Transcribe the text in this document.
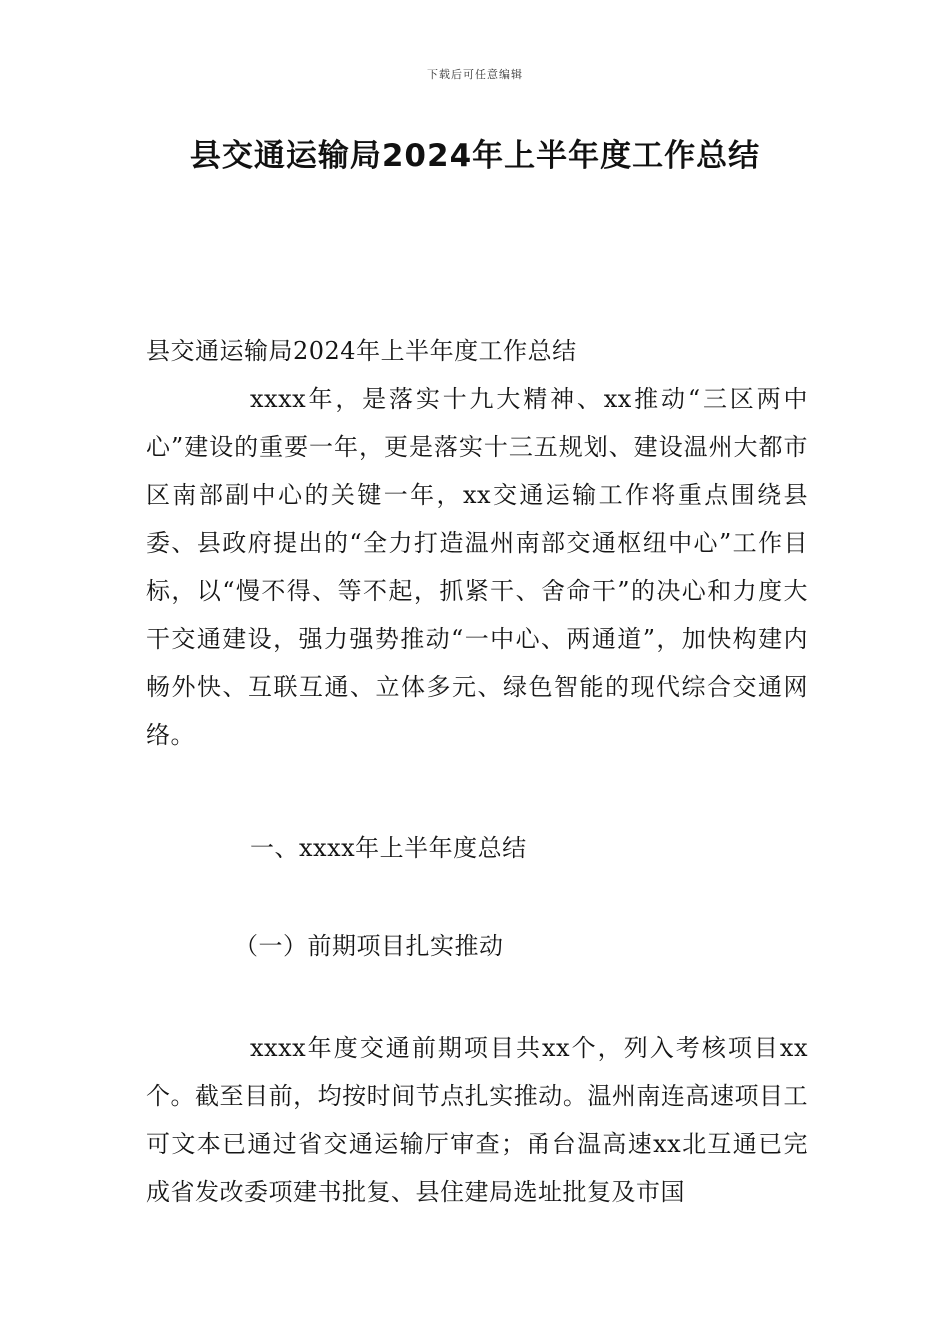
下载后可任意编辑
县交通运输局2024年上半年度工作总结
县交通运输局2024年上半年度工作总结
xxxx年，是落实十九大精神、xx推动“三区两中心”建设的重要一年，更是落实十三五规划、建设温州大都市区南部副中心的关键一年，xx交通运输工作将重点围绕县委、县政府提出的“全力打造温州南部交通枢纽中心”工作目标，以“慢不得、等不起，抓紧干、舍命干”的决心和力度大干交通建设，强力强势推动“一中心、两通道”，加快构建内畅外快、互联互通、立体多元、绿色智能的现代综合交通网络。
一、xxxx年上半年度总结
（一）前期项目扎实推动
xxxx年度交通前期项目共xx个，列入考核项目xx个。截至目前，均按时间节点扎实推动。温州南连高速项目工可文本已通过省交通运输厅审查；甬台温高速xx北互通已完成省发改委项建书批复、县住建局选址批复及市国
